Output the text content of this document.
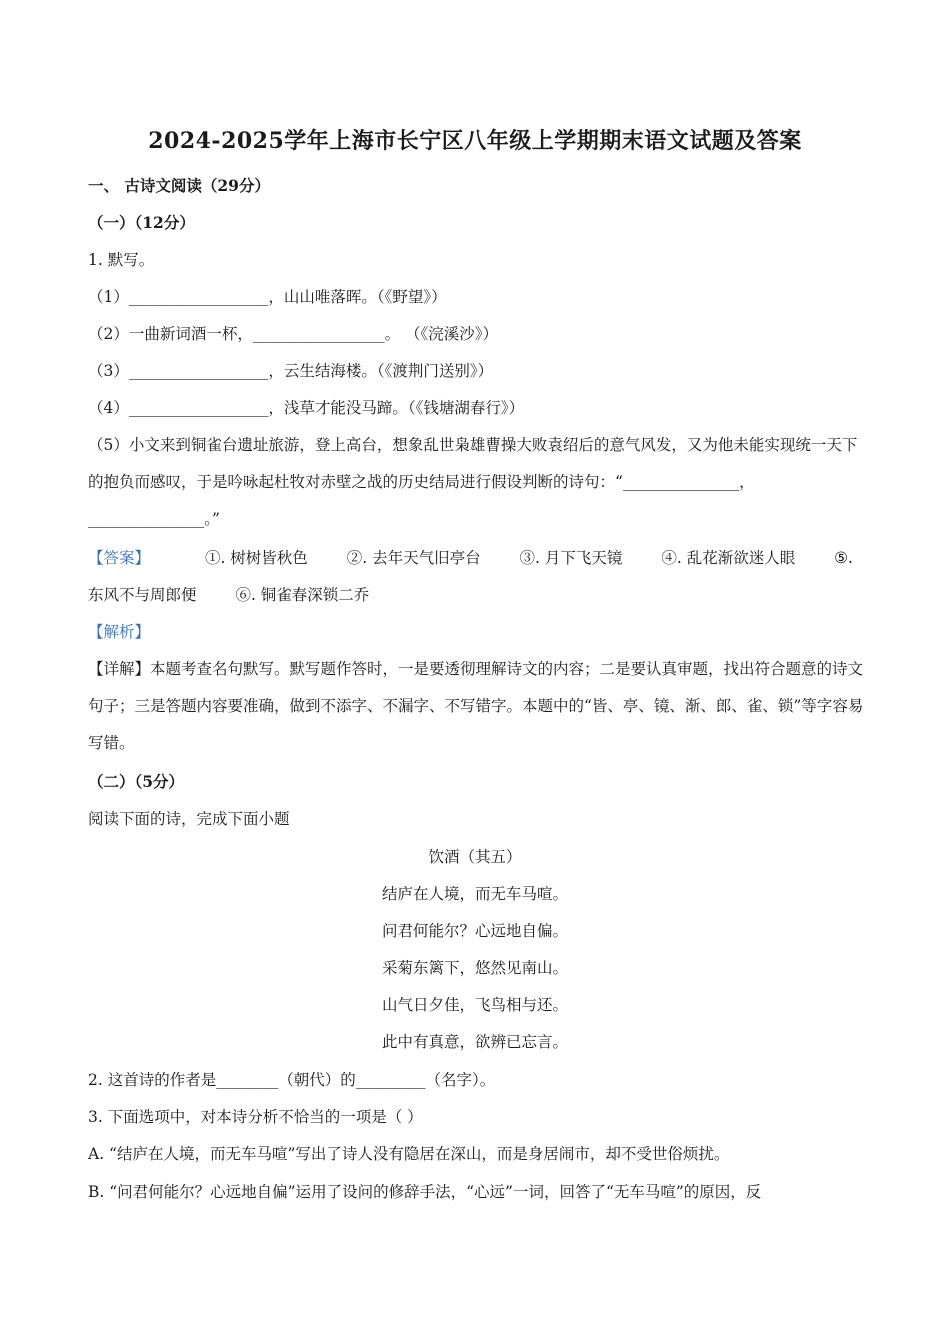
2024-2025学年上海市长宁区八年级上学期期末语文试题及答案
一、 古诗文阅读（29分）
（一）（12分）
1. 默写。
（1）__________________，山山唯落晖。（《野望》）
（2）一曲新词酒一杯，_________________。 （《浣溪沙》）
（3）__________________，云生结海楼。（《渡荆门送别》）
（4）__________________，浅草才能没马蹄。（《钱塘湖春行》）
（5）小文来到铜雀台遗址旅游，登上高台，想象乱世枭雄曹操大败袁绍后的意气风发，又为他未能实现统一天下的抱负而感叹，于是吟咏起杜牧对赤壁之战的历史结局进行假设判断的诗句：“_______________，_______________。”
【答案】	①. 树树皆秋色	②. 去年天气旧亭台	③. 月下飞天镜	④. 乱花渐欲迷人眼	⑤.
东风不与周郎便	⑥. 铜雀春深锁二乔
【解析】
【详解】本题考查名句默写。默写题作答时，一是要透彻理解诗文的内容；二是要认真审题，找出符合题意的诗文句子；三是答题内容要准确，做到不添字、不漏字、不写错字。本题中的“皆、亭、镜、渐、郎、雀、锁”等字容易写错。
（二）（5分）
阅读下面的诗，完成下面小题
饮酒（其五）
结庐在人境，而无车马喧。
问君何能尔？心远地自偏。
采菊东篱下，悠然见南山。
山气日夕佳，飞鸟相与还。
此中有真意，欲辨已忘言。
2. 这首诗的作者是________（朝代）的_________（名字）。
3. 下面选项中，对本诗分析不恰当的一项是（ ）
A. “结庐在人境，而无车马喧”写出了诗人没有隐居在深山，而是身居闹市，却不受世俗烦扰。
B. “问君何能尔？心远地自偏”运用了设问的修辞手法，“心远”一词，回答了“无车马喧”的原因，反
